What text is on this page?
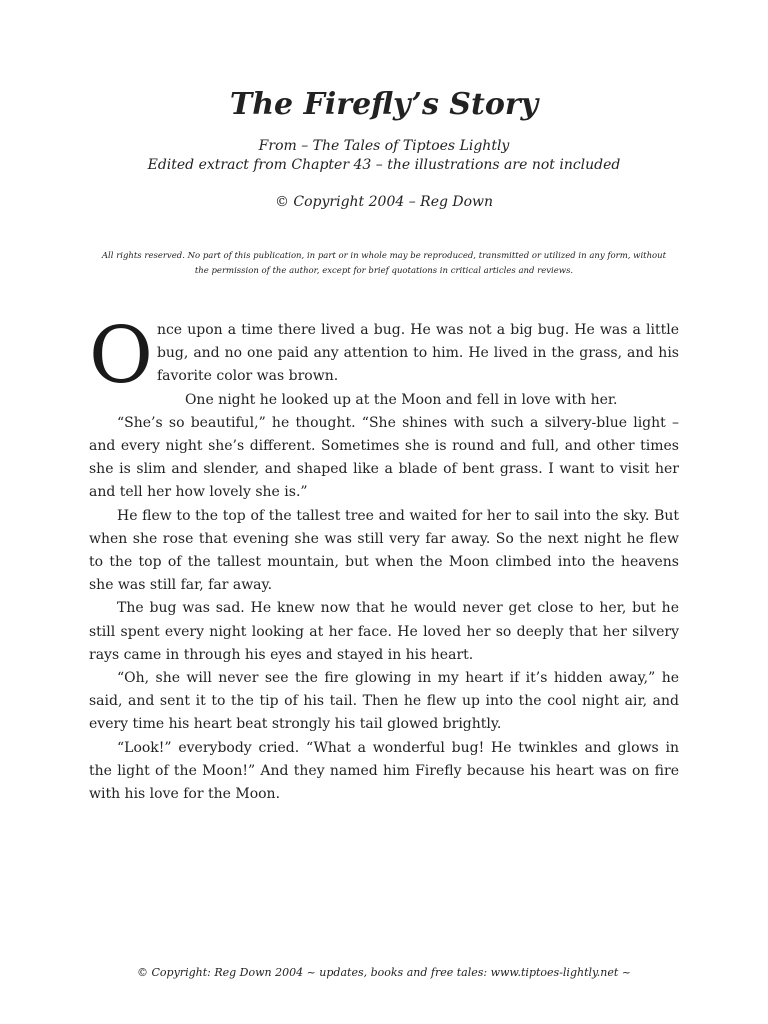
The Firefly’s Story

From – The Tales of Tiptoes Lightly

Edited extract from Chapter 43 – the illustrations are not included

© Copyright 2004 – Reg Down

All rights reserved. No part of this publication, in part or in whole may be reproduced, transmitted or utilized in any form, without the permission of the author, except for brief quotations in critical articles and reviews.

Once upon a time there lived a bug. He was not a big bug. He was a little bug, and no one paid any attention to him. He lived in the grass, and his favorite color was brown.

One night he looked up at the Moon and fell in love with her.

“She’s so beautiful,” he thought. “She shines with such a silvery-blue light – and every night she’s different. Sometimes she is round and full, and other times she is slim and slender, and shaped like a blade of bent grass. I want to visit her and tell her how lovely she is.”

He flew to the top of the tallest tree and waited for her to sail into the sky. But when she rose that evening she was still very far away. So the next night he flew to the top of the tallest mountain, but when the Moon climbed into the heavens she was still far, far away.

The bug was sad. He knew now that he would never get close to her, but he still spent every night looking at her face. He loved her so deeply that her silvery rays came in through his eyes and stayed in his heart.

“Oh, she will never see the fire glowing in my heart if it’s hidden away,” he said, and sent it to the tip of his tail. Then he flew up into the cool night air, and every time his heart beat strongly his tail glowed brightly.

“Look!” everybody cried. “What a wonderful bug! He twinkles and glows in the light of the Moon!” And they named him Firefly because his heart was on fire with his love for the Moon.

© Copyright: Reg Down 2004 ~ updates, books and free tales: www.tiptoes-lightly.net ~
